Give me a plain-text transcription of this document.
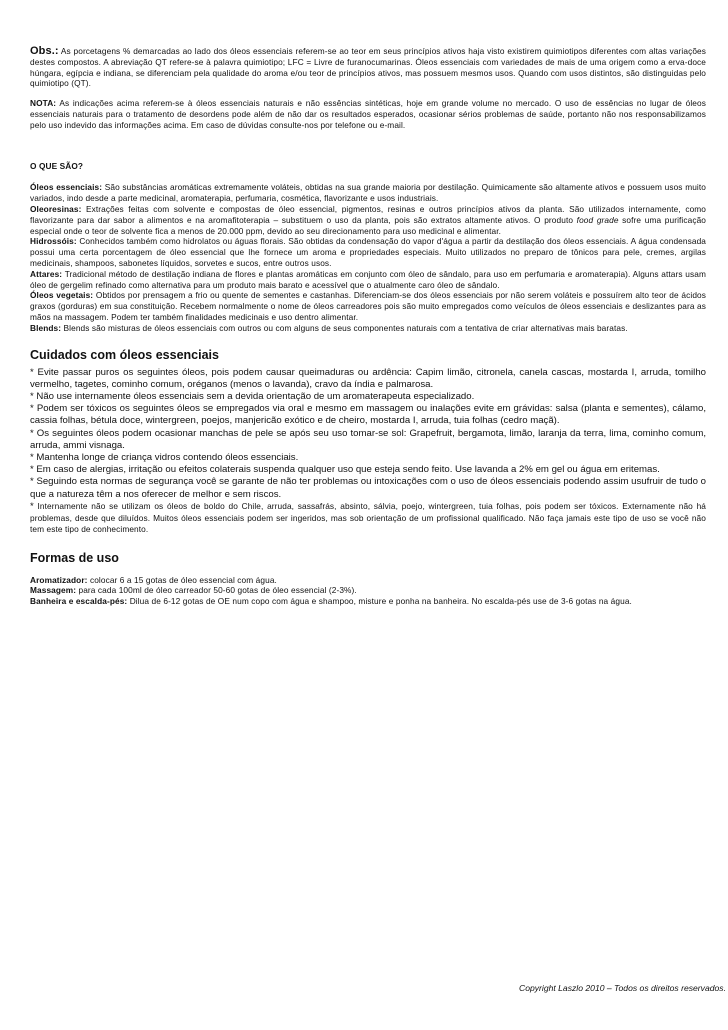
Obs.: As porcetagens % demarcadas ao lado dos óleos essenciais referem-se ao teor em seus princípios ativos haja visto existirem quimiotipos diferentes com altas variações destes compostos. A abreviação QT refere-se à palavra quimiotipo; LFC = Livre de furanocumarinas. Óleos essenciais com variedades de mais de uma origem como a erva-doce húngara, egípcia e indiana, se diferenciam pela qualidade do aroma e/ou teor de princípios ativos, mas possuem mesmos usos. Quando com usos distintos, são distinguidas pelo quimiotipo (QT).

NOTA: As indicações acima referem-se à óleos essenciais naturais e não essências sintéticas, hoje em grande volume no mercado. O uso de essências no lugar de óleos essenciais naturais para o tratamento de desordens pode além de não dar os resultados esperados, ocasionar sérios problemas de saúde, portanto não nos responsabilizamos pelo uso indevido das informações acima. Em caso de dúvidas consulte-nos por telefone ou e-mail.

O QUE SÃO?

Óleos essenciais: São substâncias aromáticas extremamente voláteis, obtidas na sua grande maioria por destilação. Quimicamente são altamente ativos e possuem usos muito variados, indo desde a parte medicinal, aromaterapia, perfumaria, cosmética, flavorizante e usos industriais.

Oleoresinas: Extrações feitas com solvente e compostas de óleo essencial, pigmentos, resinas e outros princípios ativos da planta. São utilizados internamente, como flavorizante para dar sabor a alimentos e na aromafitoterapia – substituem o uso da planta, pois são extratos altamente ativos. O produto food grade sofre uma purificação especial onde o teor de solvente fica a menos de 20.000 ppm, devido ao seu direcionamento para uso medicinal e alimentar.

Hidrossóis: Conhecidos também como hidrolatos ou águas florais. São obtidas da condensação do vapor d'água a partir da destilação dos óleos essenciais. A água condensada possui uma certa porcentagem de óleo essencial que lhe fornece um aroma e propriedades especiais. Muito utilizados no preparo de tônicos para pele, cremes, argilas medicinais, shampoos, sabonetes líquidos, sorvetes e sucos, entre outros usos.

Attares: Tradicional método de destilação indiana de flores e plantas aromáticas em conjunto com óleo de sândalo, para uso em perfumaria e aromaterapia). Alguns attars usam óleo de gergelim refinado como alternativa para um produto mais barato e acessível que o atualmente caro óleo de sândalo.

Óleos vegetais: Obtidos por prensagem a frio ou quente de sementes e castanhas. Diferenciam-se dos óleos essenciais por não serem voláteis e possuírem alto teor de ácidos graxos (gorduras) em sua constituição. Recebem normalmente o nome de óleos carreadores pois são muito empregados como veículos de óleos essenciais e deslizantes para as mãos na massagem. Podem ter também finalidades medicinais e uso dentro alimentar.

Blends: Blends são misturas de óleos essenciais com outros ou com alguns de seus componentes naturais com a tentativa de criar alternativas mais baratas.

Cuidados com óleos essenciais

* Evite passar puros os seguintes óleos, pois podem causar queimaduras ou ardência: Capim limão, citronela, canela cascas, mostarda I, arruda, tomilho vermelho, tagetes, cominho comum, oréganos (menos o lavanda), cravo da índia e palmarosa.

* Não use internamente óleos essenciais sem a devida orientação de um aromaterapeuta especializado.

* Podem ser tóxicos os seguintes óleos se empregados via oral e mesmo em massagem ou inalações evite em grávidas: salsa (planta e sementes), cálamo, cassia folhas, bétula doce, wintergreen, poejos, manjericão exótico e de cheiro, mostarda I, arruda, tuia folhas (cedro maçã).

* Os seguintes óleos podem ocasionar manchas de pele se após seu uso tomar-se sol: Grapefruit, bergamota, limão, laranja da terra, lima, cominho comum, arruda, ammi visnaga.

* Mantenha longe de criança vidros contendo óleos essenciais.

* Em caso de alergias, irritação ou efeitos colaterais suspenda qualquer uso que esteja sendo feito. Use lavanda a 2% em gel ou água em eritemas.

* Seguindo esta normas de segurança você se garante de não ter problemas ou intoxicações com o uso de óleos essenciais podendo assim usufruir de tudo o que a natureza têm a nos oferecer de melhor e sem riscos.

* Internamente não se utilizam os óleos de boldo do Chile, arruda, sassafrás, absinto, sálvia, poejo, wintergreen, tuia folhas, pois podem ser tóxicos. Externamente não há problemas, desde que diluídos. Muitos óleos essenciais podem ser ingeridos, mas sob orientação de um profissional qualificado. Não faça jamais este tipo de uso se você não tem este tipo de conhecimento.

Formas de uso

Aromatizador: colocar 6 a 15 gotas de óleo essencial com água.

Massagem: para cada 100ml de óleo carreador 50-60 gotas de óleo essencial (2-3%).

Banheira e escalda-pés: Dilua de 6-12 gotas de OE num copo com água e shampoo, misture e ponha na banheira. No escalda-pés use de 3-6 gotas na água.

Copyright Laszlo 2010 – Todos os direitos reservados.
